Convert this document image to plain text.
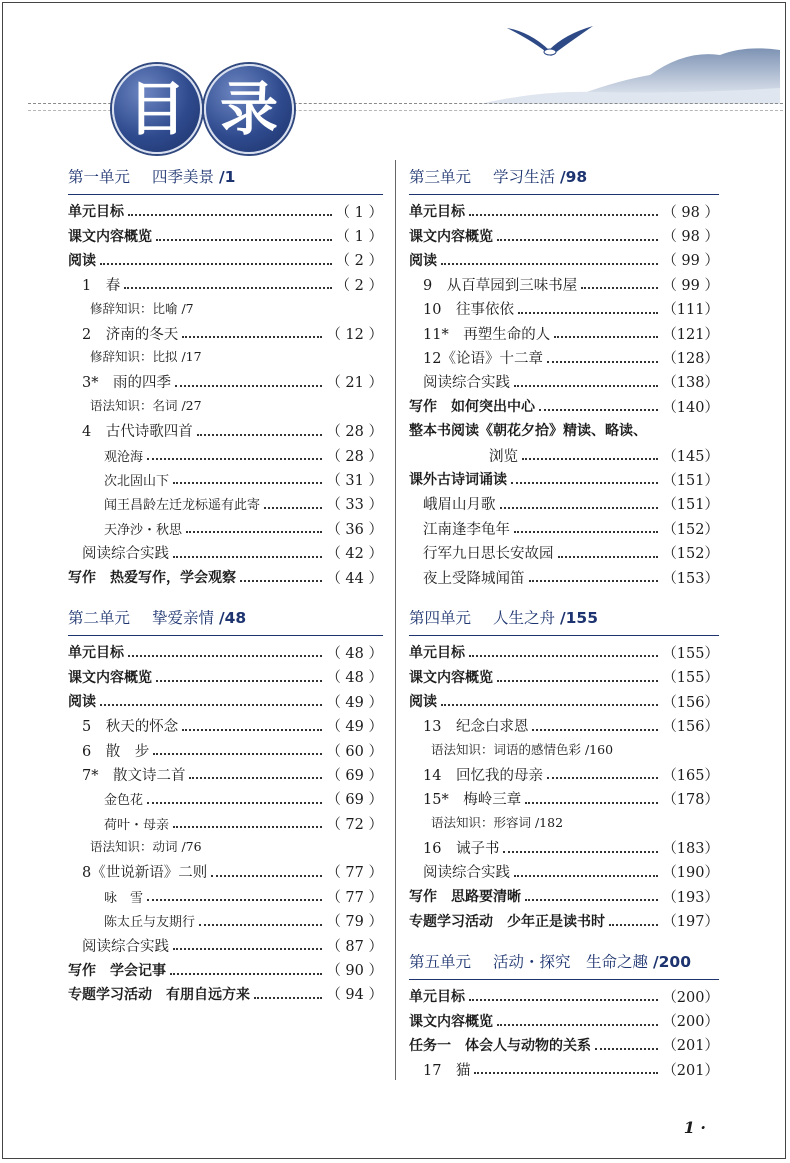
目 录
第一单元 四季美景 /1
单元目标	（ 1 ）
课文内容概览	（ 1 ）
阅读	（ 2 ）
1　春	（ 2 ）
修辞知识：比喻 /7
2　济南的冬天	（ 12 ）
修辞知识：比拟 /17
3*　雨的四季	（ 21 ）
语法知识：名词 /27
4　古代诗歌四首	（ 28 ）
观沧海	（ 28 ）
次北固山下	（ 31 ）
闻王昌龄左迁龙标遥有此寄	（ 33 ）
天净沙・秋思	（ 36 ）
阅读综合实践	（ 42 ）
写作　热爱写作，学会观察	（ 44 ）
第二单元 挚爱亲情 /48
单元目标	（ 48 ）
课文内容概览	（ 48 ）
阅读	（ 49 ）
5　秋天的怀念	（ 49 ）
6　散　步	（ 60 ）
7*　散文诗二首	（ 69 ）
金色花	（ 69 ）
荷叶・母亲	（ 72 ）
语法知识：动词 /76
8《世说新语》二则	（ 77 ）
咏　雪	（ 77 ）
陈太丘与友期行	（ 79 ）
阅读综合实践	（ 87 ）
写作　学会记事	（ 90 ）
专题学习活动　有朋自远方来	（ 94 ）
第三单元 学习生活 /98
单元目标	（ 98 ）
课文内容概览	（ 98 ）
阅读	（ 99 ）
9　从百草园到三味书屋	（ 99 ）
10　往事依依	（111）
11*　再塑生命的人	（121）
12《论语》十二章	（128）
阅读综合实践	（138）
写作　如何突出中心	（140）
整本书阅读《朝花夕拾》精读、略读、
浏览	（145）
课外古诗词诵读	（151）
峨眉山月歌	（151）
江南逢李龟年	（152）
行军九日思长安故园	（152）
夜上受降城闻笛	（153）
第四单元 人生之舟 /155
单元目标	（155）
课文内容概览	（155）
阅读	（156）
13　纪念白求恩	（156）
语法知识：词语的感情色彩 /160
14　回忆我的母亲	（165）
15*　梅岭三章	（178）
语法知识：形容词 /182
16　诫子书	（183）
阅读综合实践	（190）
写作　思路要清晰	（193）
专题学习活动　少年正是读书时	（197）
第五单元 活动・探究　生命之趣 /200
单元目标	（200）
课文内容概览	（200）
任务一　体会人与动物的关系	（201）
17　猫	（201）
1 ·
